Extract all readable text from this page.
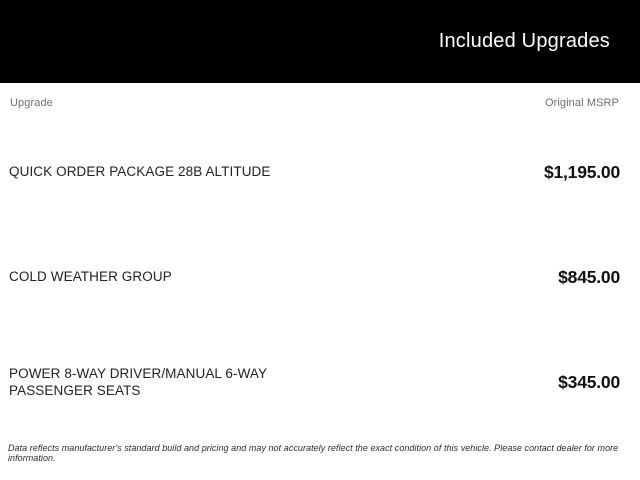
Included Upgrades
Upgrade	Original MSRP
QUICK ORDER PACKAGE 28B ALTITUDE	$1,195.00
COLD WEATHER GROUP	$845.00
POWER 8-WAY DRIVER/MANUAL 6-WAY PASSENGER SEATS	$345.00
Data reflects manufacturer's standard build and pricing and may not accurately reflect the exact condition of this vehicle. Please contact dealer for more information.
